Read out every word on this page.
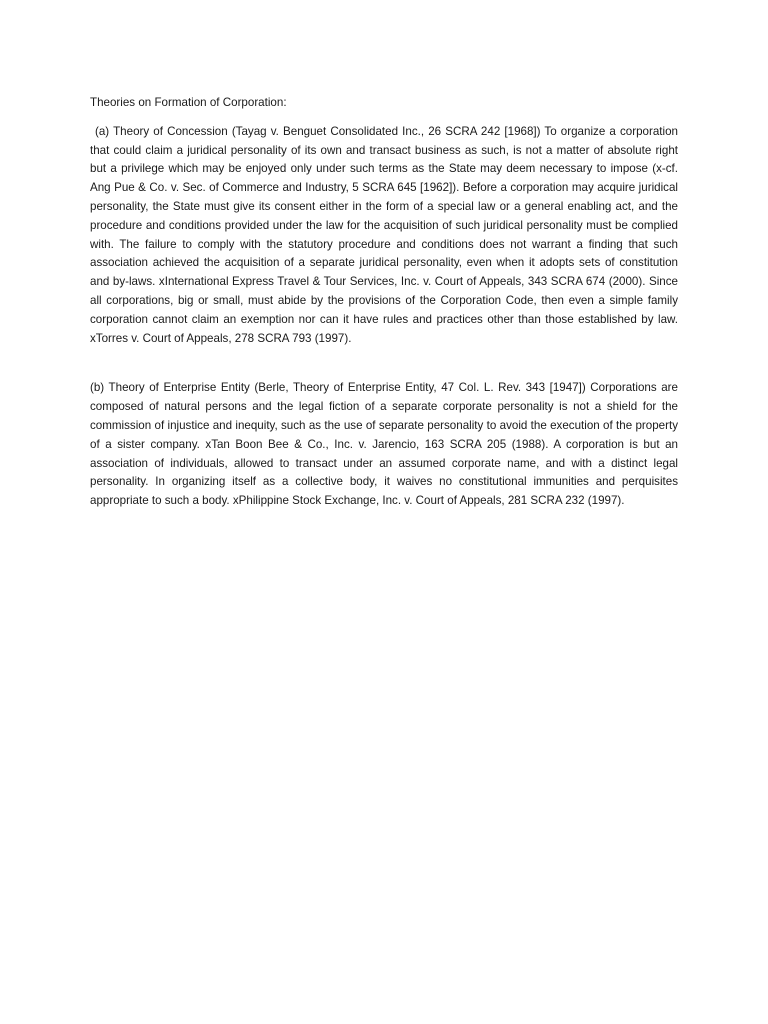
Theories on Formation of Corporation:

(a) Theory of Concession (Tayag v. Benguet Consolidated Inc., 26 SCRA 242 [1968]) To organize a corporation that could claim a juridical personality of its own and transact business as such, is not a matter of absolute right but a privilege which may be enjoyed only under such terms as the State may deem necessary to impose (x-cf. Ang Pue & Co. v. Sec. of Commerce and Industry, 5 SCRA 645 [1962]). Before a corporation may acquire juridical personality, the State must give its consent either in the form of a special law or a general enabling act, and the procedure and conditions provided under the law for the acquisition of such juridical personality must be complied with. The failure to comply with the statutory procedure and conditions does not warrant a finding that such association achieved the acquisition of a separate juridical personality, even when it adopts sets of constitution and by-laws. xInternational Express Travel & Tour Services, Inc. v. Court of Appeals, 343 SCRA 674 (2000). Since all corporations, big or small, must abide by the provisions of the Corporation Code, then even a simple family corporation cannot claim an exemption nor can it have rules and practices other than those established by law. xTorres v. Court of Appeals, 278 SCRA 793 (1997).

(b) Theory of Enterprise Entity (Berle, Theory of Enterprise Entity, 47 Col. L. Rev. 343 [1947]) Corporations are composed of natural persons and the legal fiction of a separate corporate personality is not a shield for the commission of injustice and inequity, such as the use of separate personality to avoid the execution of the property of a sister company. xTan Boon Bee & Co., Inc. v. Jarencio, 163 SCRA 205 (1988). A corporation is but an association of individuals, allowed to transact under an assumed corporate name, and with a distinct legal personality. In organizing itself as a collective body, it waives no constitutional immunities and perquisites appropriate to such a body. xPhilippine Stock Exchange, Inc. v. Court of Appeals, 281 SCRA 232 (1997).
